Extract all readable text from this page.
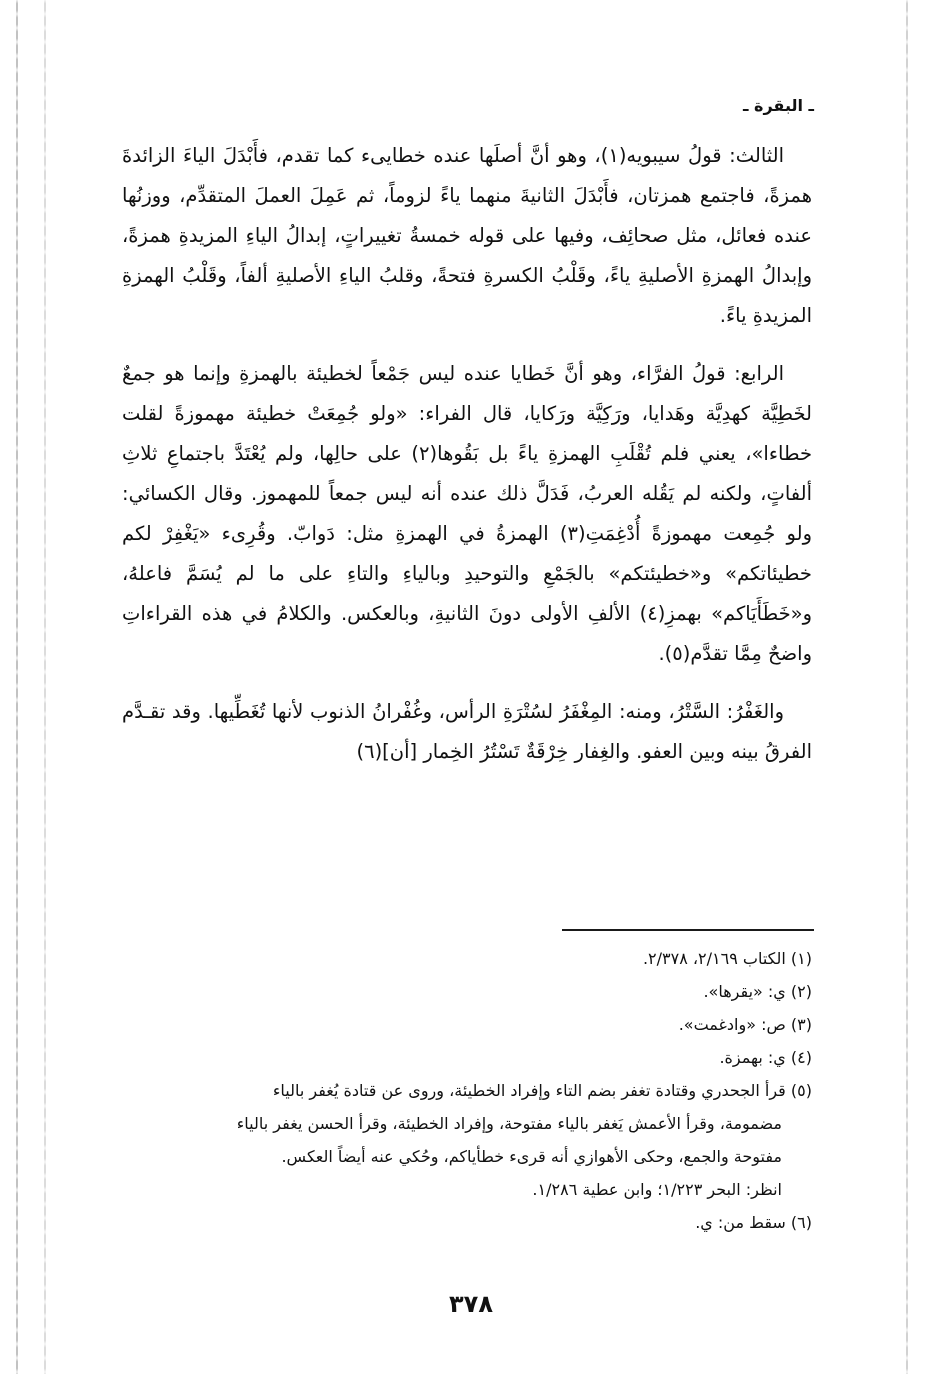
ـ البقرة ـ

الثالث: قولُ سيبويه(١)، وهو أنَّ أصلَها عنده خطايىء كما تقدم، فأَبْدَلَ الياءَ الزائدةَ همزةً، فاجتمع همزتان، فأَبْدَلَ الثانيةَ منهما ياءً لزوماً، ثم عَمِلَ العملَ المتقدِّم، ووزنُها عنده فعائل، مثل صحائِف، وفيها على قوله خمسةُ تغييراتٍ، إبدالُ الياءِ المزيدةِ همزةً، وإبدالُ الهمزةِ الأصليةِ ياءً، وقَلْبُ الكسرةِ فتحةً، وقلبُ الياءِ الأصليةِ ألفاً، وقَلْبُ الهمزةِ المزيدةِ ياءً.

الرابع: قولُ الفرَّاء، وهو أنَّ خَطايا عنده ليس جَمْعاً لخطيئة بالهمزةِ وإنما هو جمعٌ لخَطِيَّة كهدِيَّة وهَدايا، ورَكِيَّة ورَكايا، قال الفراء: «ولو جُمِعَتْ خطيئة مهموزةً لقلت خطاءا»، يعني فلم تُقْلَبِ الهمزةِ ياءً بل بَقُوها(٢) على حالِها، ولم يُعْتَدَّ باجتماعِ ثلاثِ ألفاتٍ، ولكنه لم يَقُله العربُ، فَدَلَّ ذلك عنده أنه ليس جمعاً للمهموز. وقال الكسائي: ولو جُمِعت مهموزةً أُدْغِمَتِ(٣) الهمزةُ في الهمزةِ مثل: دَوابّ. وقُرِىء «يَغْفِرْ لكم خطيئاتكم» و«خطيئتكم» بالجَمْعِ والتوحيدِ وبالياءِ والتاءِ على ما لم يُسَمَّ فاعلهُ، و«خَطَأَيَاكم» بهمزِ(٤) الألفِ الأولى دونَ الثانيةِ، وبالعكس. والكلامُ في هذه القراءاتِ واضحٌ مِمَّا تقدَّم(٥).

والغَفْرُ: السَّتْرُ، ومنه: المِغْفَرُ لسُتْرَةِ الرأس، وغُفْرانُ الذنوب لأنها تُغَطِّيها. وقد تقـدَّم الفرقُ بينه وبين العفو. والغِفار خِرْقَةٌ تَسْتُرُ الخِمار [أن](٦)

(١) الكتاب ٢/١٦٩، ٢/٣٧٨.

(٢) ي: «يقرها».

(٣) ص: «وادغمت».

(٤) ي: بهمزة.

(٥) قرأ الجحدري وقتادة تغفر بضم التاء وإفراد الخطيئة، وروى عن قتادة يُغفر بالياء

مضمومة، وقرأ الأعمش يَغفر بالياء مفتوحة، وإفراد الخطيئة، وقرأ الحسن يغفر بالياء

مفتوحة والجمع، وحكى الأهوازي أنه قرىء خطأياكم، وحُكي عنه أيضاً العكس.

انظر: البحر ١/٢٢٣؛ وابن عطية ١/٢٨٦.

(٦) سقط من: ي.

٣٧٨
